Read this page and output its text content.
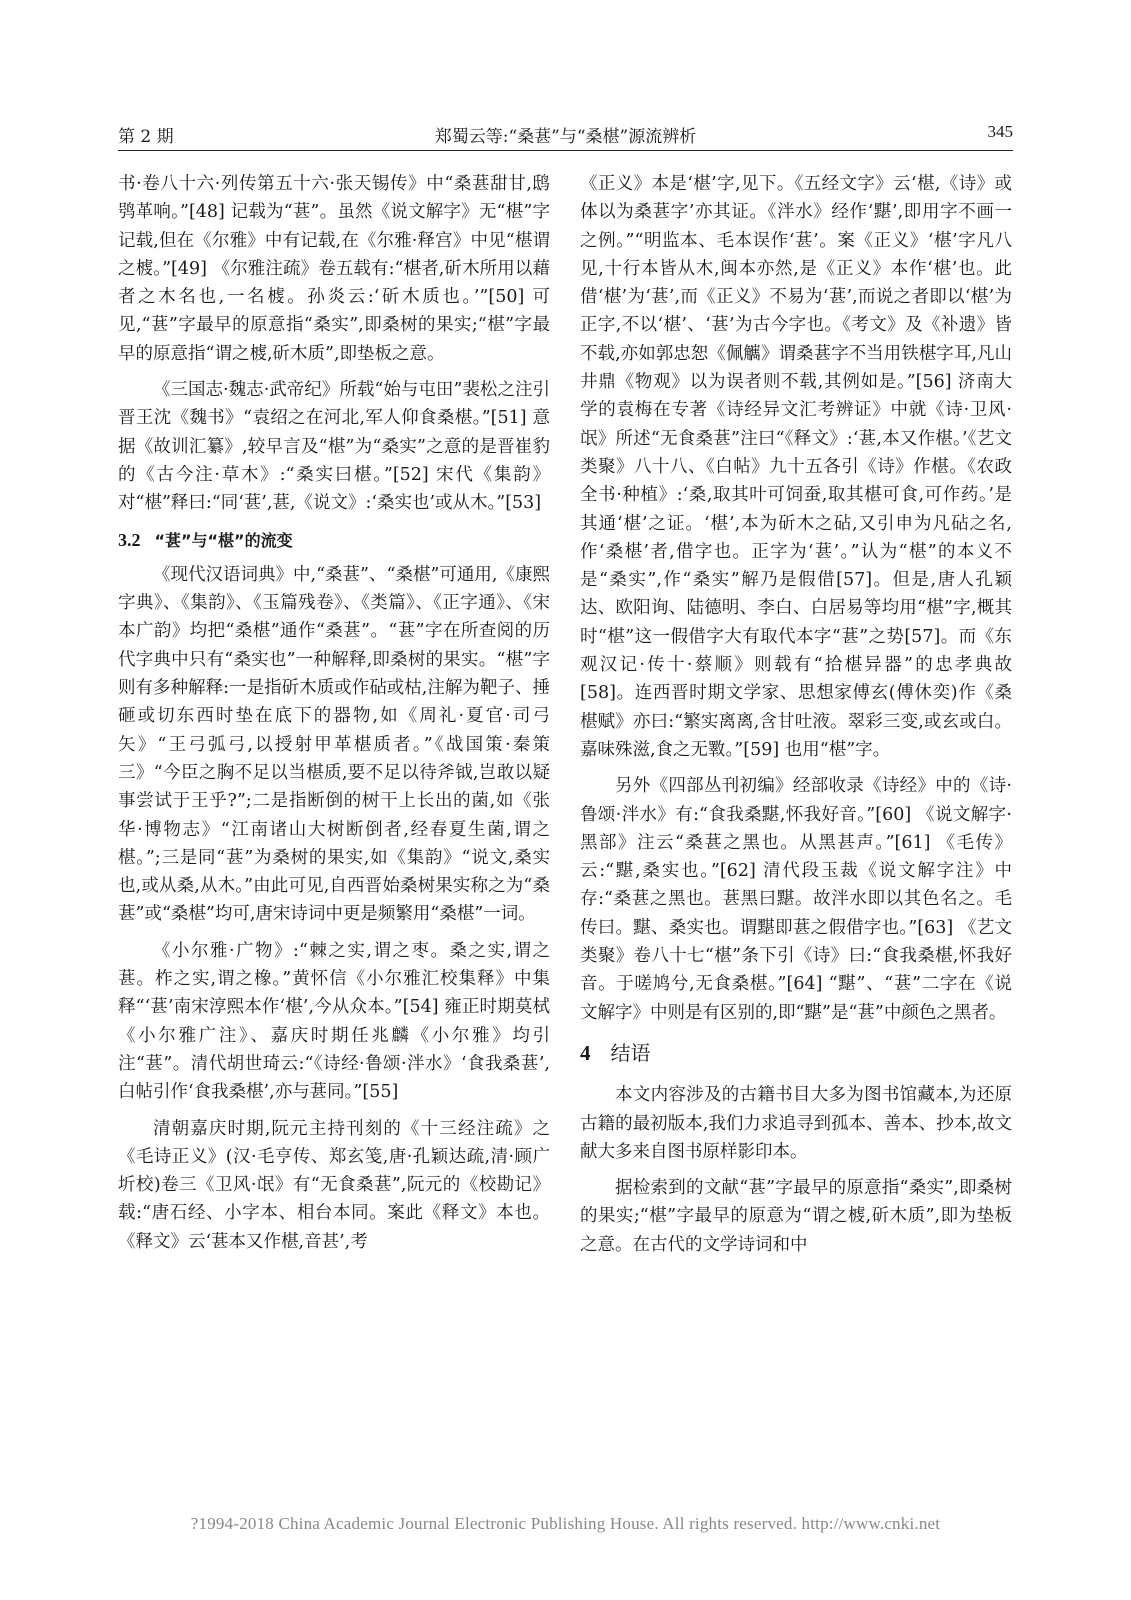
第 2 期	郑蜀云等:“桑葚”与“桑椹”源流辨析	345

书·卷八十六·列传第五十六·张天锡传》中“桑葚甜甘,鸱鸮革响。”[48] 记载为“葚”。虽然《说文解字》无“椹”字记载,但在《尔雅》中有记载,在《尔雅·释宫》中见“椹谓之榩。”[49] 《尔雅注疏》卷五载有:“椹者,斫木所用以藉者之木名也,一名榩。孙炎云:‘斫木质也。’”[50] 可见,“葚”字最早的原意指“桑实”,即桑树的果实;“椹”字最早的原意指“谓之榩,斫木质”,即垫板之意。

《三国志·魏志·武帝纪》所载“始与屯田”裴松之注引晋王沈《魏书》“袁绍之在河北,军人仰食桑椹。”[51] 意据《故训汇纂》,较早言及“椹”为“桑实”之意的是晋崔豹的《古今注·草木》:“桑实曰椹。”[52] 宋代《集韵》对“椹”释曰:“同‘葚’,葚,《说文》:‘桑实也’或从木。”[53]

3.2 “葚”与“椹”的流变

《现代汉语词典》中,“桑葚”、“桑椹”可通用,《康熙字典》、《集韵》、《玉篇残卷》、《类篇》、《正字通》、《宋本广韵》均把“桑椹”通作“桑葚”。“葚”字在所查阅的历代字典中只有“桑实也”一种解释,即桑树的果实。“椹”字则有多种解释:一是指斫木质或作砧或枯,注解为靶子、捶砸或切东西时垫在底下的器物,如《周礼·夏官·司弓矢》“王弓弧弓,以授射甲革椹质者。”《战国策·秦策三》“今臣之胸不足以当椹质,要不足以待斧钺,岂敢以疑事尝试于王乎?”;二是指断倒的树干上长出的菌,如《张华·博物志》“江南诸山大树断倒者,经春夏生菌,谓之椹。”;三是同“葚”为桑树的果实,如《集韵》“说文,桑实也,或从桑,从木。”由此可见,自西晋始桑树果实称之为“桑葚”或“桑椹”均可,唐宋诗词中更是频繁用“桑椹”一词。

《小尔雅·广物》:“棘之实,谓之枣。桑之实,谓之葚。柞之实,谓之橡。”黄怀信《小尔雅汇校集释》中集释“‘葚’南宋淳熙本作‘椹’,今从众本。”[54] 雍正时期莫栻《小尔雅广注》、嘉庆时期任兆麟《小尔雅》均引注“葚”。清代胡世琦云:“《诗经·鲁颂·泮水》‘食我桑葚’,白帖引作‘食我桑椹’,亦与葚同。”[55]

清朝嘉庆时期,阮元主持刊刻的《十三经注疏》之《毛诗正义》(汉·毛亨传、郑玄笺,唐·孔颖达疏,清·顾广圻校)卷三《卫风·氓》有“无食桑葚”,阮元的《校勘记》载:“唐石经、小字本、相台本同。案此《释文》本也。《释文》云‘葚本又作椹,音甚’,考

《正义》本是‘椹’字,见下。《五经文字》云‘椹,《诗》或体以为桑葚字’亦其证。《泮水》经作‘黮’,即用字不画一之例。”“明监本、毛本误作‘葚’。案《正义》‘椹’字凡八见,十行本皆从木,闽本亦然,是《正义》本作‘椹’也。此借‘椹’为‘葚’,而《正义》不易为‘葚’,而说之者即以‘椹’为正字,不以‘椹’、‘葚’为古今字也。《考文》及《补遗》皆不载,亦如郭忠恕《佩觽》谓桑葚字不当用铁椹字耳,凡山井鼎《物观》以为误者则不载,其例如是。”[56] 济南大学的袁梅在专著《诗经异文汇考辨证》中就《诗·卫风·氓》所述“无食桑葚”注曰“《释文》:‘葚,本又作椹。’《艺文类聚》八十八、《白帖》九十五各引《诗》作椹。《农政全书·种植》:‘桑,取其叶可饲蚕,取其椹可食,可作药。’是其通‘椹’之证。‘椹’,本为斫木之砧,又引申为凡砧之名,作‘桑椹’者,借字也。正字为‘葚’。”认为“椹”的本义不是“桑实”,作“桑实”解乃是假借[57]。但是,唐人孔颖达、欧阳询、陆德明、李白、白居易等均用“椹”字,概其时“椹”这一假借字大有取代本字“葚”之势[57]。而《东观汉记·传十·蔡顺》则载有“拾椹异器”的忠孝典故[58]。连西晋时期文学家、思想家傅玄(傅休奕)作《桑椹赋》亦曰:“繁实离离,含甘吐液。翠彩三变,或玄或白。嘉味殊滋,食之无斁。”[59] 也用“椹”字。

另外《四部丛刊初编》经部收录《诗经》中的《诗·鲁颂·泮水》有:“食我桑黮,怀我好音。”[60] 《说文解字·黑部》注云“桑葚之黑也。从黑甚声。”[61] 《毛传》云:“黮,桑实也。”[62] 清代段玉裁《说文解字注》中存:“桑葚之黑也。葚黑曰黮。故泮水即以其色名之。毛传曰。黮、桑实也。谓黮即葚之假借字也。”[63] 《艺文类聚》卷八十七“椹”条下引《诗》曰:“食我桑椹,怀我好音。于嗟鸠兮,无食桑椹。”[64] “黮”、“葚”二字在《说文解字》中则是有区别的,即“黮”是“葚”中颜色之黑者。

4 结语

本文内容涉及的古籍书目大多为图书馆藏本,为还原古籍的最初版本,我们力求追寻到孤本、善本、抄本,故文献大多来自图书原样影印本。

据检索到的文献“葚”字最早的原意指“桑实”,即桑树的果实;“椹”字最早的原意为“谓之榩,斫木质”,即为垫板之意。在古代的文学诗词和中

?1994-2018 China Academic Journal Electronic Publishing House. All rights reserved. http://www.cnki.net
